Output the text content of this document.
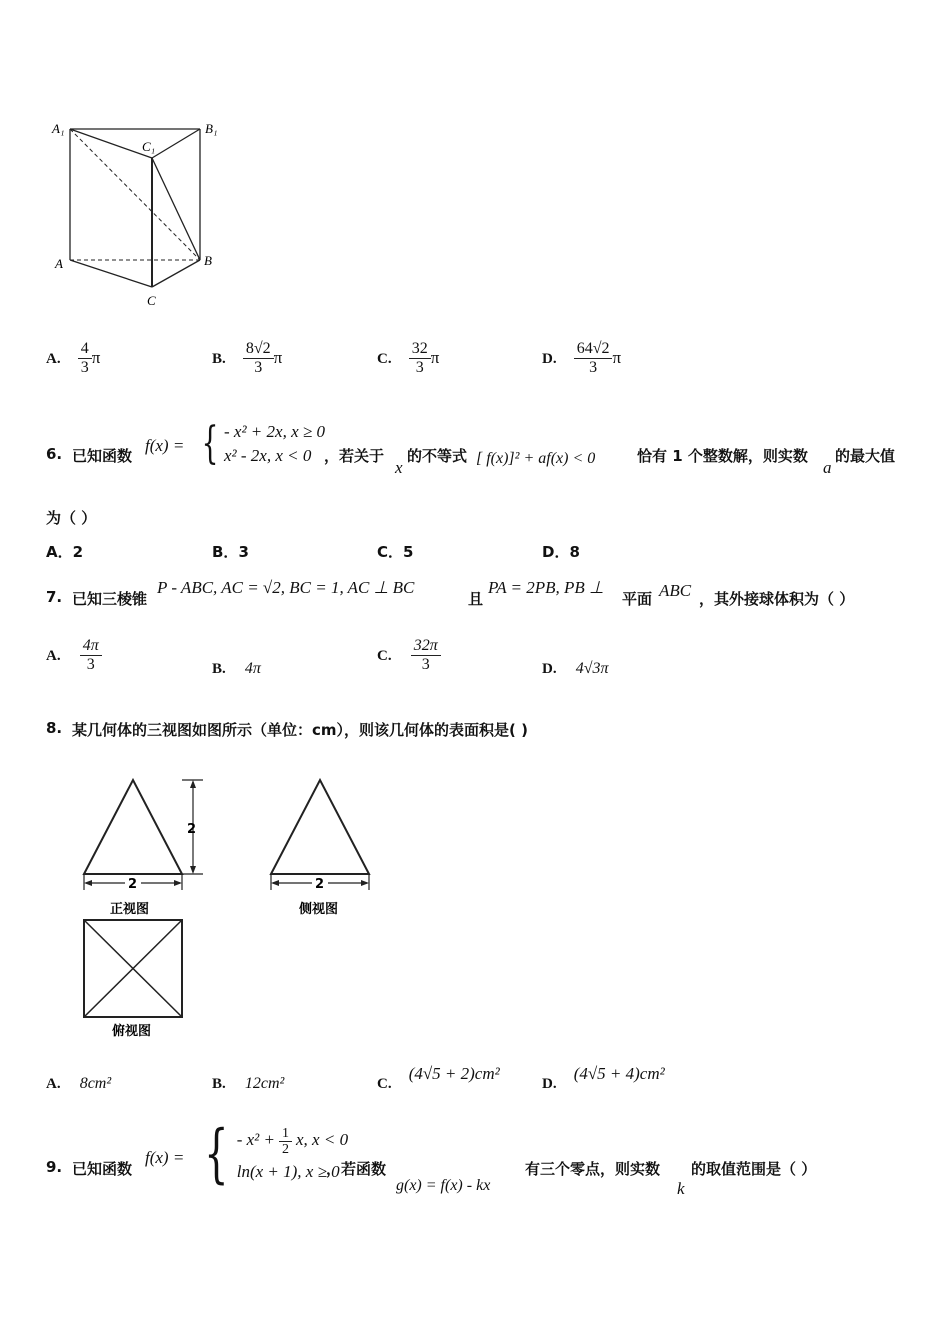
A₁	B₁
C₁
A	B
C
A. $\frac{4}{3}$ π	B. $\frac{8√2}{3}$ π	C. $\frac{32}{3}$ π	D. $\frac{64√2}{3}$ π
6. 已知函数
f(x) = { - x² + 2x, x ≥ 0
x² - 2x, x < 0 ，若关于
x
的不等式 [ f(x)]² + af(x) < 0	恰有 1 个整数解，则实数
a
的最大值
为（ ）
A．2	B．3	C．5	D．8
7. 已知三棱锥
P - ABC, AC = √2, BC = 1, AC ⊥ BC
且
PA = 2PB, PB ⊥
平面 ABC ，其外接球体积为（ ）
A. $\frac{4\pi}{3}$	B. 4π
C. $\frac{32\pi}{3}$	D. 4√3π
8. 某几何体的三视图如图所示（单位：cm），则该几何体的表面积是( )
2
2
正视图
2
侧视图
俯视图
A. 8cm²	B. 12cm²	C. (4√5 + 2)cm²
D. (4√5 + 4)cm²
9. 已知函数
f(x) = { - $x^2 + \frac{1}{2} x$, x < 0
ln(x + 1), x ≥ 0
，若函数
g(x) = f(x) - kx
有三个零点，则实数
k
的取值范围是（ ）
